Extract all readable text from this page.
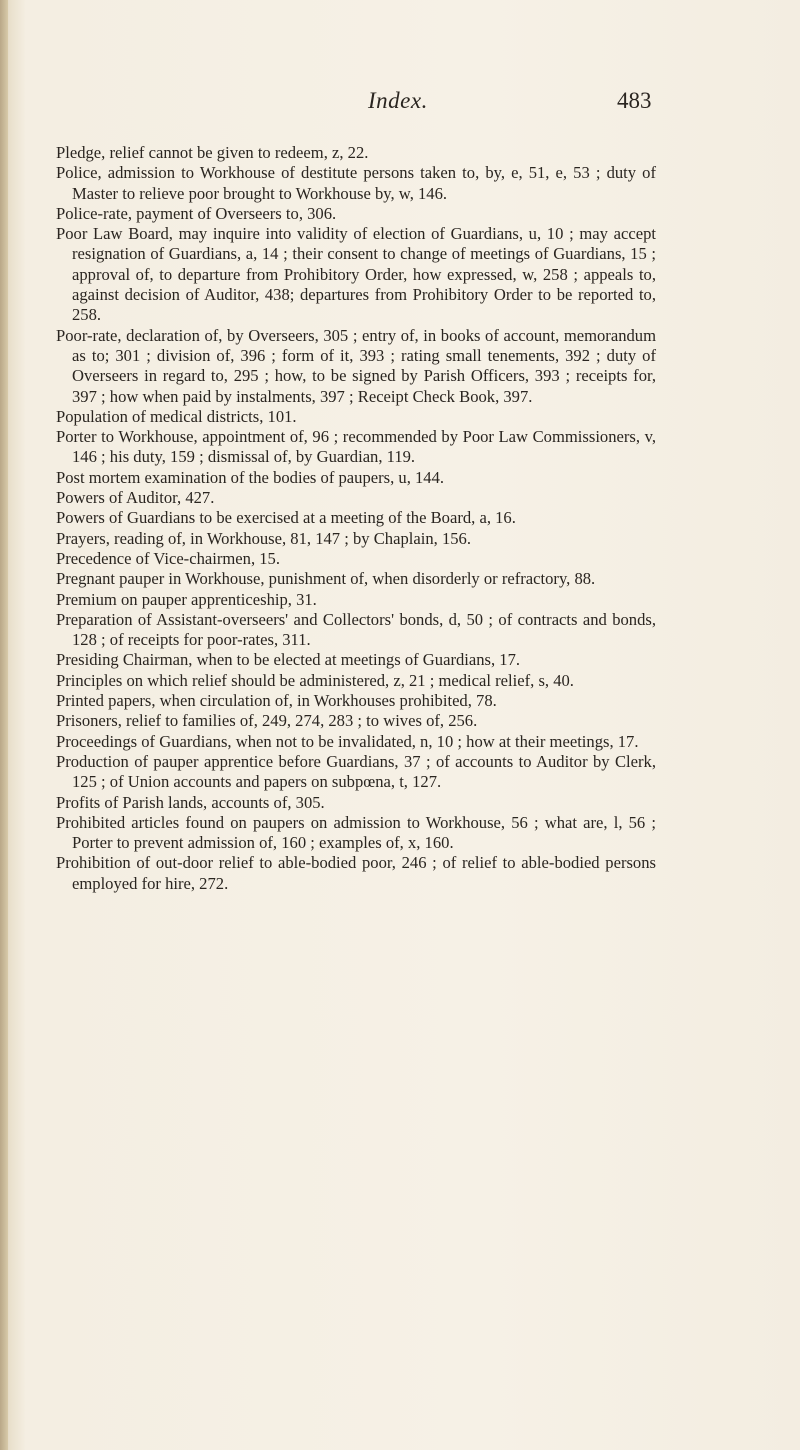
Index.	483
Pledge, relief cannot be given to redeem, z, 22.
Police, admission to Workhouse of destitute persons taken to, by, e, 51, e, 53 ; duty of Master to relieve poor brought to Workhouse by, w, 146.
Police-rate, payment of Overseers to, 306.
Poor Law Board, may inquire into validity of election of Guardians, u, 10 ; may accept resignation of Guardians, a, 14 ; their consent to change of meetings of Guardians, 15 ; approval of, to departure from Prohibitory Order, how expressed, w, 258 ; appeals to, against decision of Auditor, 438; departures from Prohibitory Order to be reported to, 258.
Poor-rate, declaration of, by Overseers, 305 ; entry of, in books of account, memorandum as to; 301 ; division of, 396 ; form of it, 393 ; rating small tenements, 392 ; duty of Overseers in regard to, 295 ; how, to be signed by Parish Officers, 393 ; receipts for, 397 ; how when paid by instalments, 397 ; Receipt Check Book, 397.
Population of medical districts, 101.
Porter to Workhouse, appointment of, 96 ; recommended by Poor Law Commissioners, v, 146 ; his duty, 159 ; dismissal of, by Guardian, 119.
Post mortem examination of the bodies of paupers, u, 144.
Powers of Auditor, 427.
Powers of Guardians to be exercised at a meeting of the Board, a, 16.
Prayers, reading of, in Workhouse, 81, 147 ; by Chaplain, 156.
Precedence of Vice-chairmen, 15.
Pregnant pauper in Workhouse, punishment of, when disorderly or refractory, 88.
Premium on pauper apprenticeship, 31.
Preparation of Assistant-overseers' and Collectors' bonds, d, 50 ; of contracts and bonds, 128 ; of receipts for poor-rates, 311.
Presiding Chairman, when to be elected at meetings of Guardians, 17.
Principles on which relief should be administered, z, 21 ; medical relief, s, 40.
Printed papers, when circulation of, in Workhouses prohibited, 78.
Prisoners, relief to families of, 249, 274, 283 ; to wives of, 256.
Proceedings of Guardians, when not to be invalidated, n, 10 ; how at their meetings, 17.
Production of pauper apprentice before Guardians, 37 ; of accounts to Auditor by Clerk, 125 ; of Union accounts and papers on subpœna, t, 127.
Profits of Parish lands, accounts of, 305.
Prohibited articles found on paupers on admission to Workhouse, 56 ; what are, l, 56 ; Porter to prevent admission of, 160 ; examples of, x, 160.
Prohibition of out-door relief to able-bodied poor, 246 ; of relief to able-bodied persons employed for hire, 272.
